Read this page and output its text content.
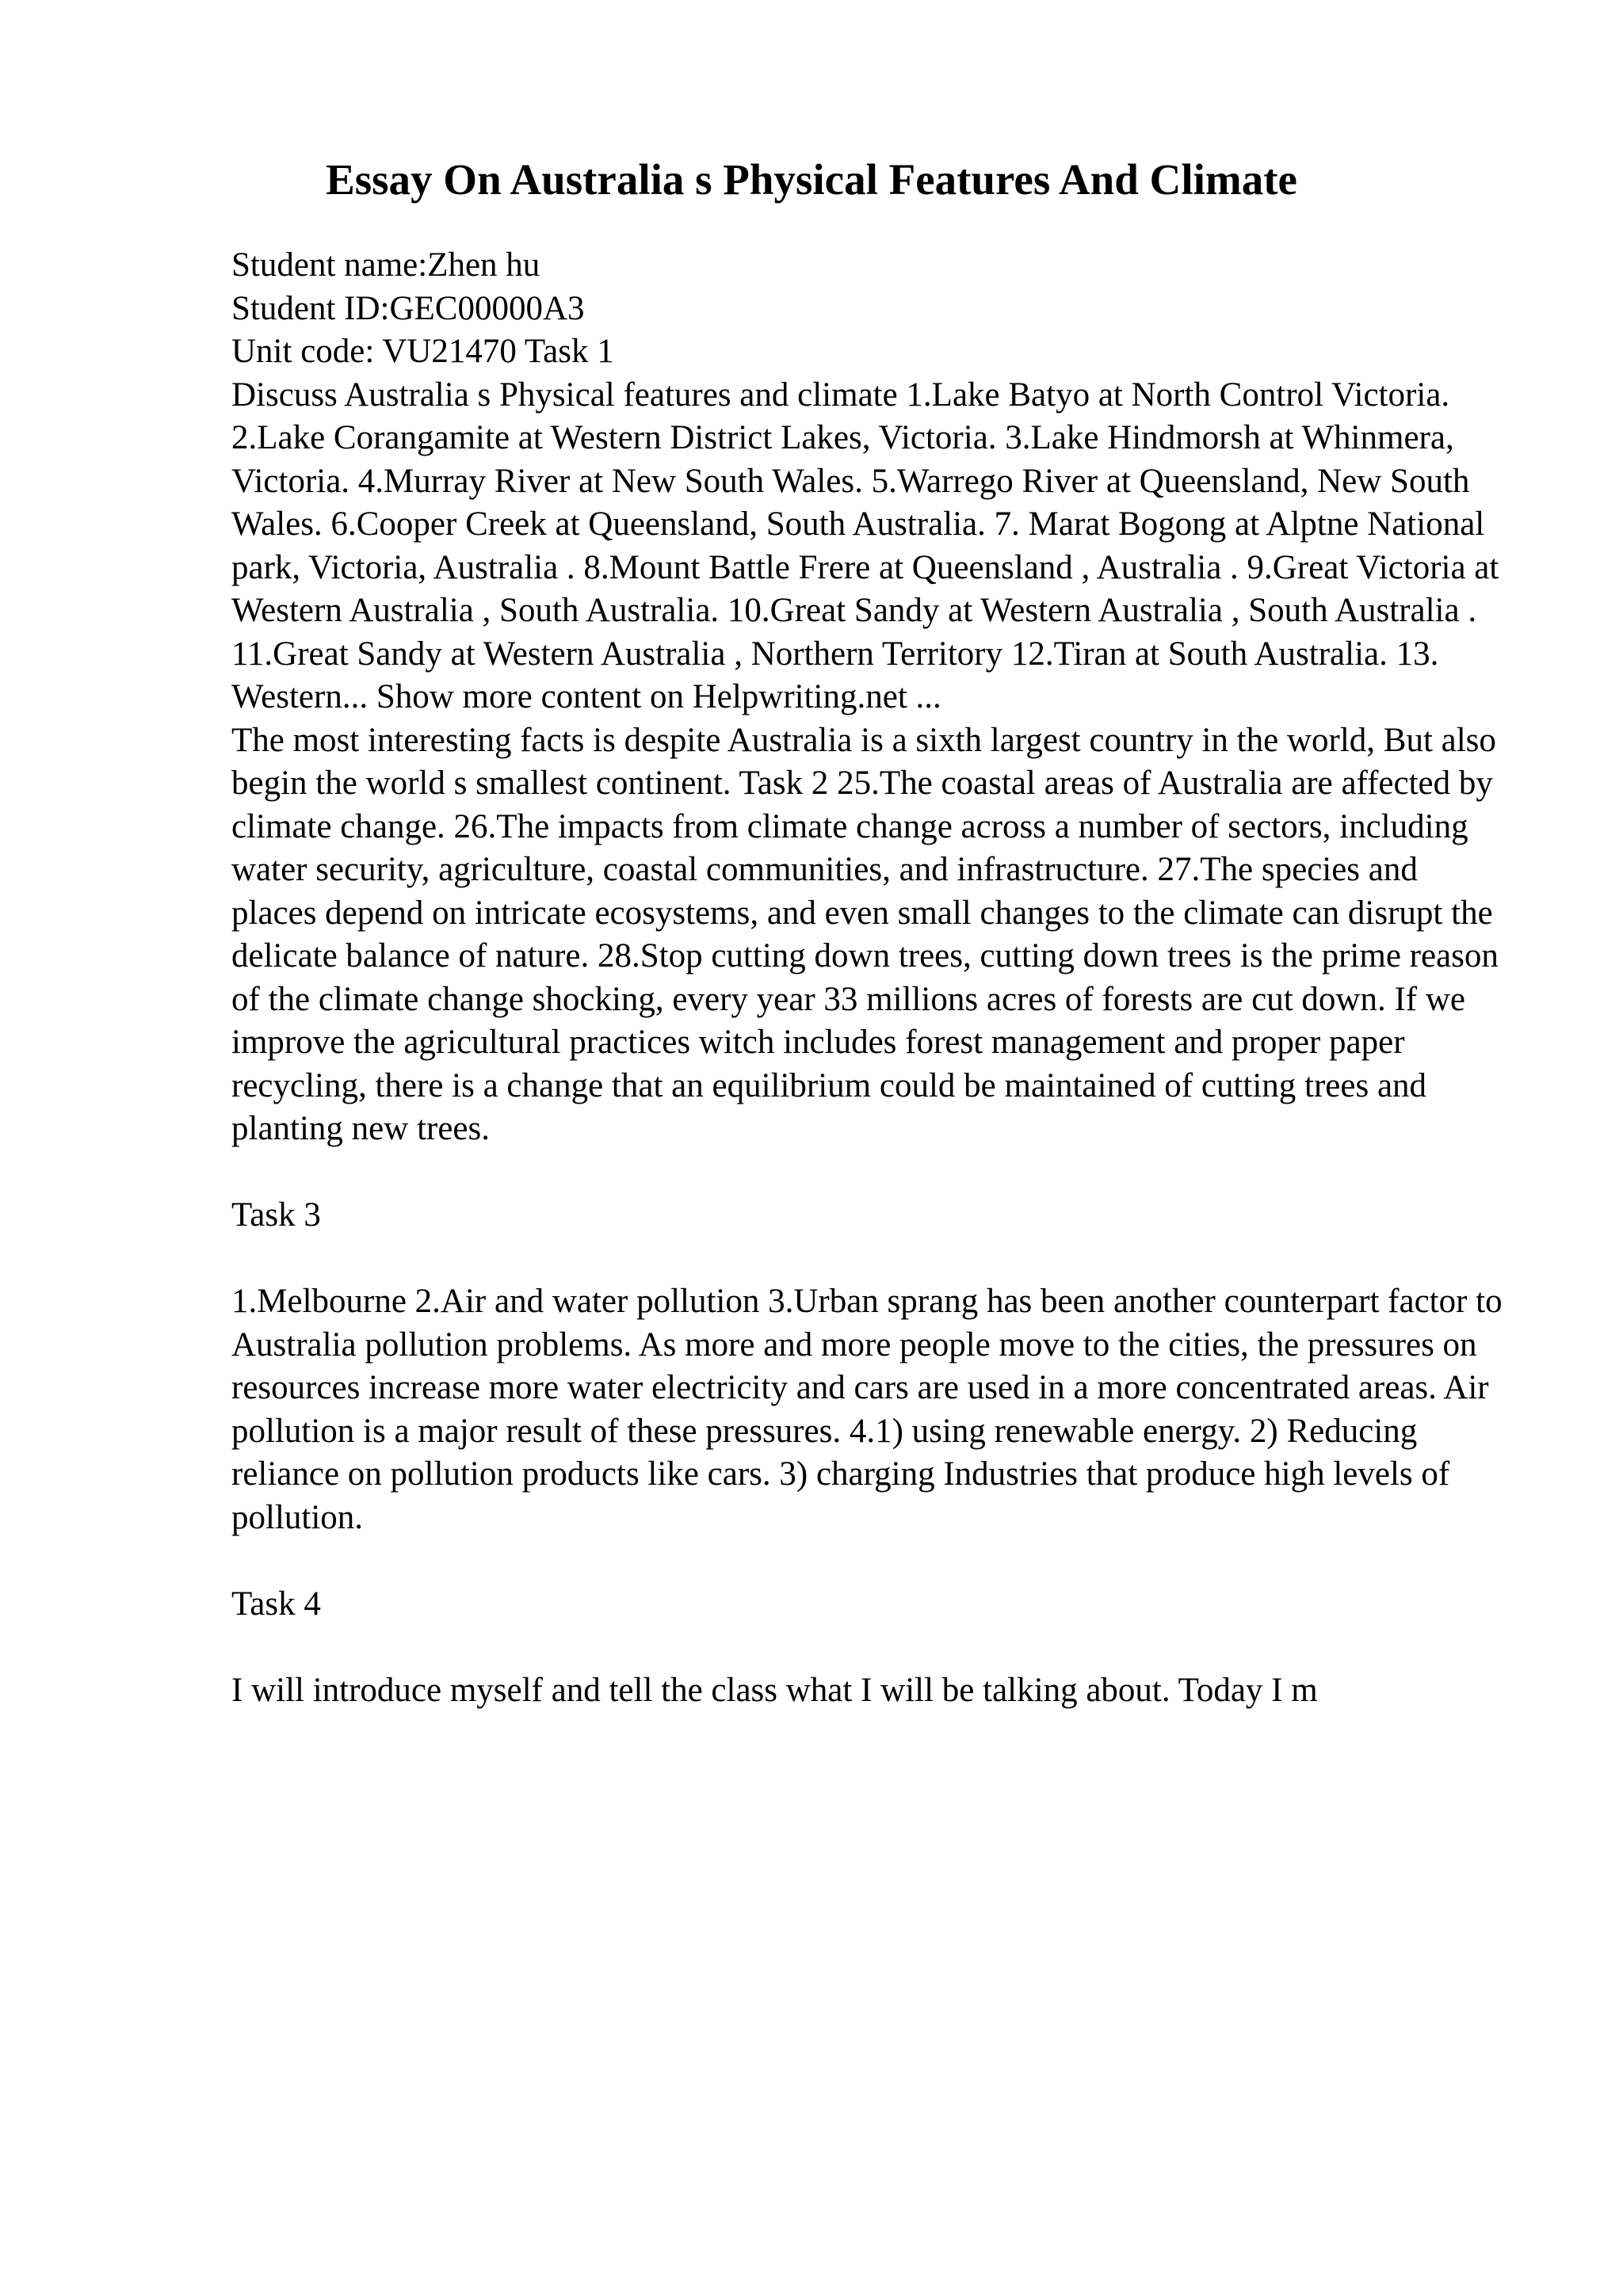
Essay On Australia s Physical Features And Climate

Student name:Zhen hu

Student ID:GEC00000A3

Unit code: VU21470 Task 1

Discuss Australia s Physical features and climate 1.Lake Batyo at North Control Victoria. 2.Lake Corangamite at Western District Lakes, Victoria. 3.Lake Hindmorsh at Whinmera, Victoria. 4.Murray River at New South Wales. 5.Warrego River at Queensland, New South Wales. 6.Cooper Creek at Queensland, South Australia. 7. Marat Bogong at Alptne National park, Victoria, Australia . 8.Mount Battle Frere at Queensland , Australia . 9.Great Victoria at Western Australia , South Australia. 10.Great Sandy at Western Australia , South Australia . 11.Great Sandy at Western Australia , Northern Territory 12.Tiran at South Australia. 13. Western... Show more content on Helpwriting.net ...

The most interesting facts is despite Australia is a sixth largest country in the world, But also begin the world s smallest continent. Task 2 25.The coastal areas of Australia are affected by climate change. 26.The impacts from climate change across a number of sectors, including water security, agriculture, coastal communities, and infrastructure. 27.The species and places depend on intricate ecosystems, and even small changes to the climate can disrupt the delicate balance of nature. 28.Stop cutting down trees, cutting down trees is the prime reason of the climate change shocking, every year 33 millions acres of forests are cut down. If we improve the agricultural practices witch includes forest management and proper paper recycling, there is a change that an equilibrium could be maintained of cutting trees and planting new trees.

Task 3

1.Melbourne 2.Air and water pollution 3.Urban sprang has been another counterpart factor to Australia pollution problems. As more and more people move to the cities, the pressures on resources increase more water electricity and cars are used in a more concentrated areas. Air pollution is a major result of these pressures. 4.1) using renewable energy. 2) Reducing reliance on pollution products like cars. 3) charging Industries that produce high levels of pollution.

Task 4

I will introduce myself and tell the class what I will be talking about. Today I m
